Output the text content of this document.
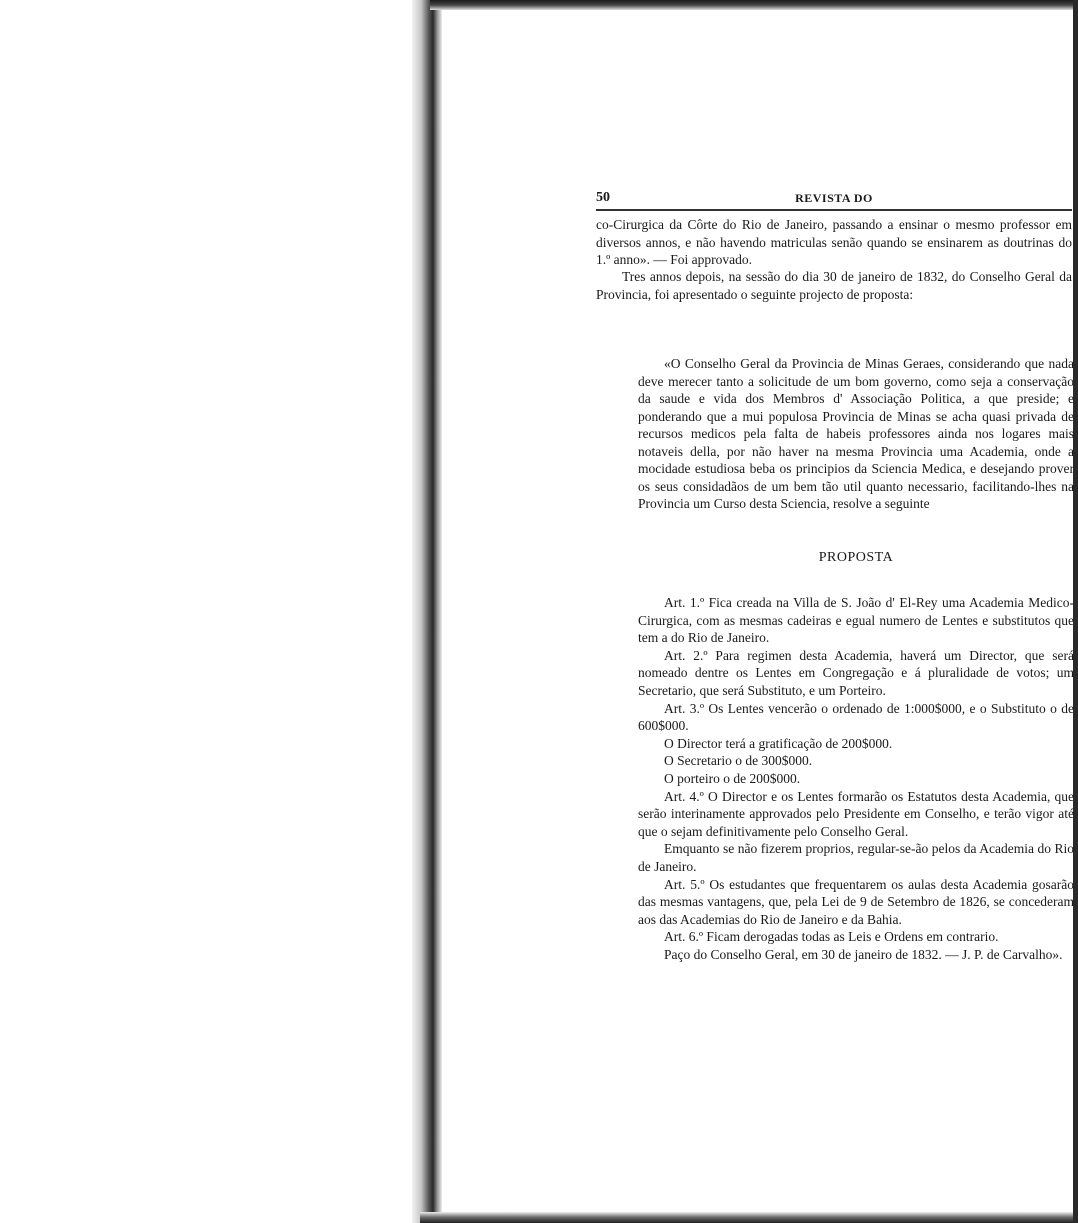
50	REVISTA DO

co-Cirurgica da Côrte do Rio de Janeiro, passando a ensinar o mesmo professor em diversos annos, e não havendo matriculas senão quando se ensinarem as doutrinas do 1.º anno». — Foi approvado.

Tres annos depois, na sessão do dia 30 de janeiro de 1832, do Conselho Geral da Provincia, foi apresentado o seguinte projecto de proposta:

«O Conselho Geral da Provincia de Minas Geraes, considerando que nada deve merecer tanto a solicitude de um bom governo, como seja a conservação da saude e vida dos Membros d' Associação Politica, a que preside; e ponderando que a mui populosa Provincia de Minas se acha quasi privada de recursos medicos pela falta de habeis professores ainda nos logares mais notaveis della, por não haver na mesma Provincia uma Academia, onde a mocidade estudiosa beba os principios da Sciencia Medica, e desejando prover os seus considadãos de um bem tão util quanto necessario, facilitando-lhes na Provincia um Curso desta Sciencia, resolve a seguinte

PROPOSTA

Art. 1.º Fica creada na Villa de S. João d' El-Rey uma Academia Medico-Cirurgica, com as mesmas cadeiras e egual numero de Lentes e substitutos que tem a do Rio de Janeiro.

Art. 2.º Para regimen desta Academia, haverá um Director, que será nomeado dentre os Lentes em Congregação e á pluralidade de votos; um Secretario, que será Substituto, e um Porteiro.

Art. 3.º Os Lentes vencerão o ordenado de 1:000$000, e o Substituto o de 600$000.

O Director terá a gratificação de 200$000.

O Secretario o de 300$000.

O porteiro o de 200$000.

Art. 4.º O Director e os Lentes formarão os Estatutos desta Academia, que serão interinamente approvados pelo Presidente em Conselho, e terão vigor até que o sejam definitivamente pelo Conselho Geral.

Emquanto se não fizerem proprios, regular-se-ão pelos da Academia do Rio de Janeiro.

Art. 5.º Os estudantes que frequentarem os aulas desta Academia gosarão das mesmas vantagens, que, pela Lei de 9 de Setembro de 1826, se concederam aos das Academias do Rio de Janeiro e da Bahia.

Art. 6.º Ficam derogadas todas as Leis e Ordens em contrario.

Paço do Conselho Geral, em 30 de janeiro de 1832. — J. P. de Carvalho».
